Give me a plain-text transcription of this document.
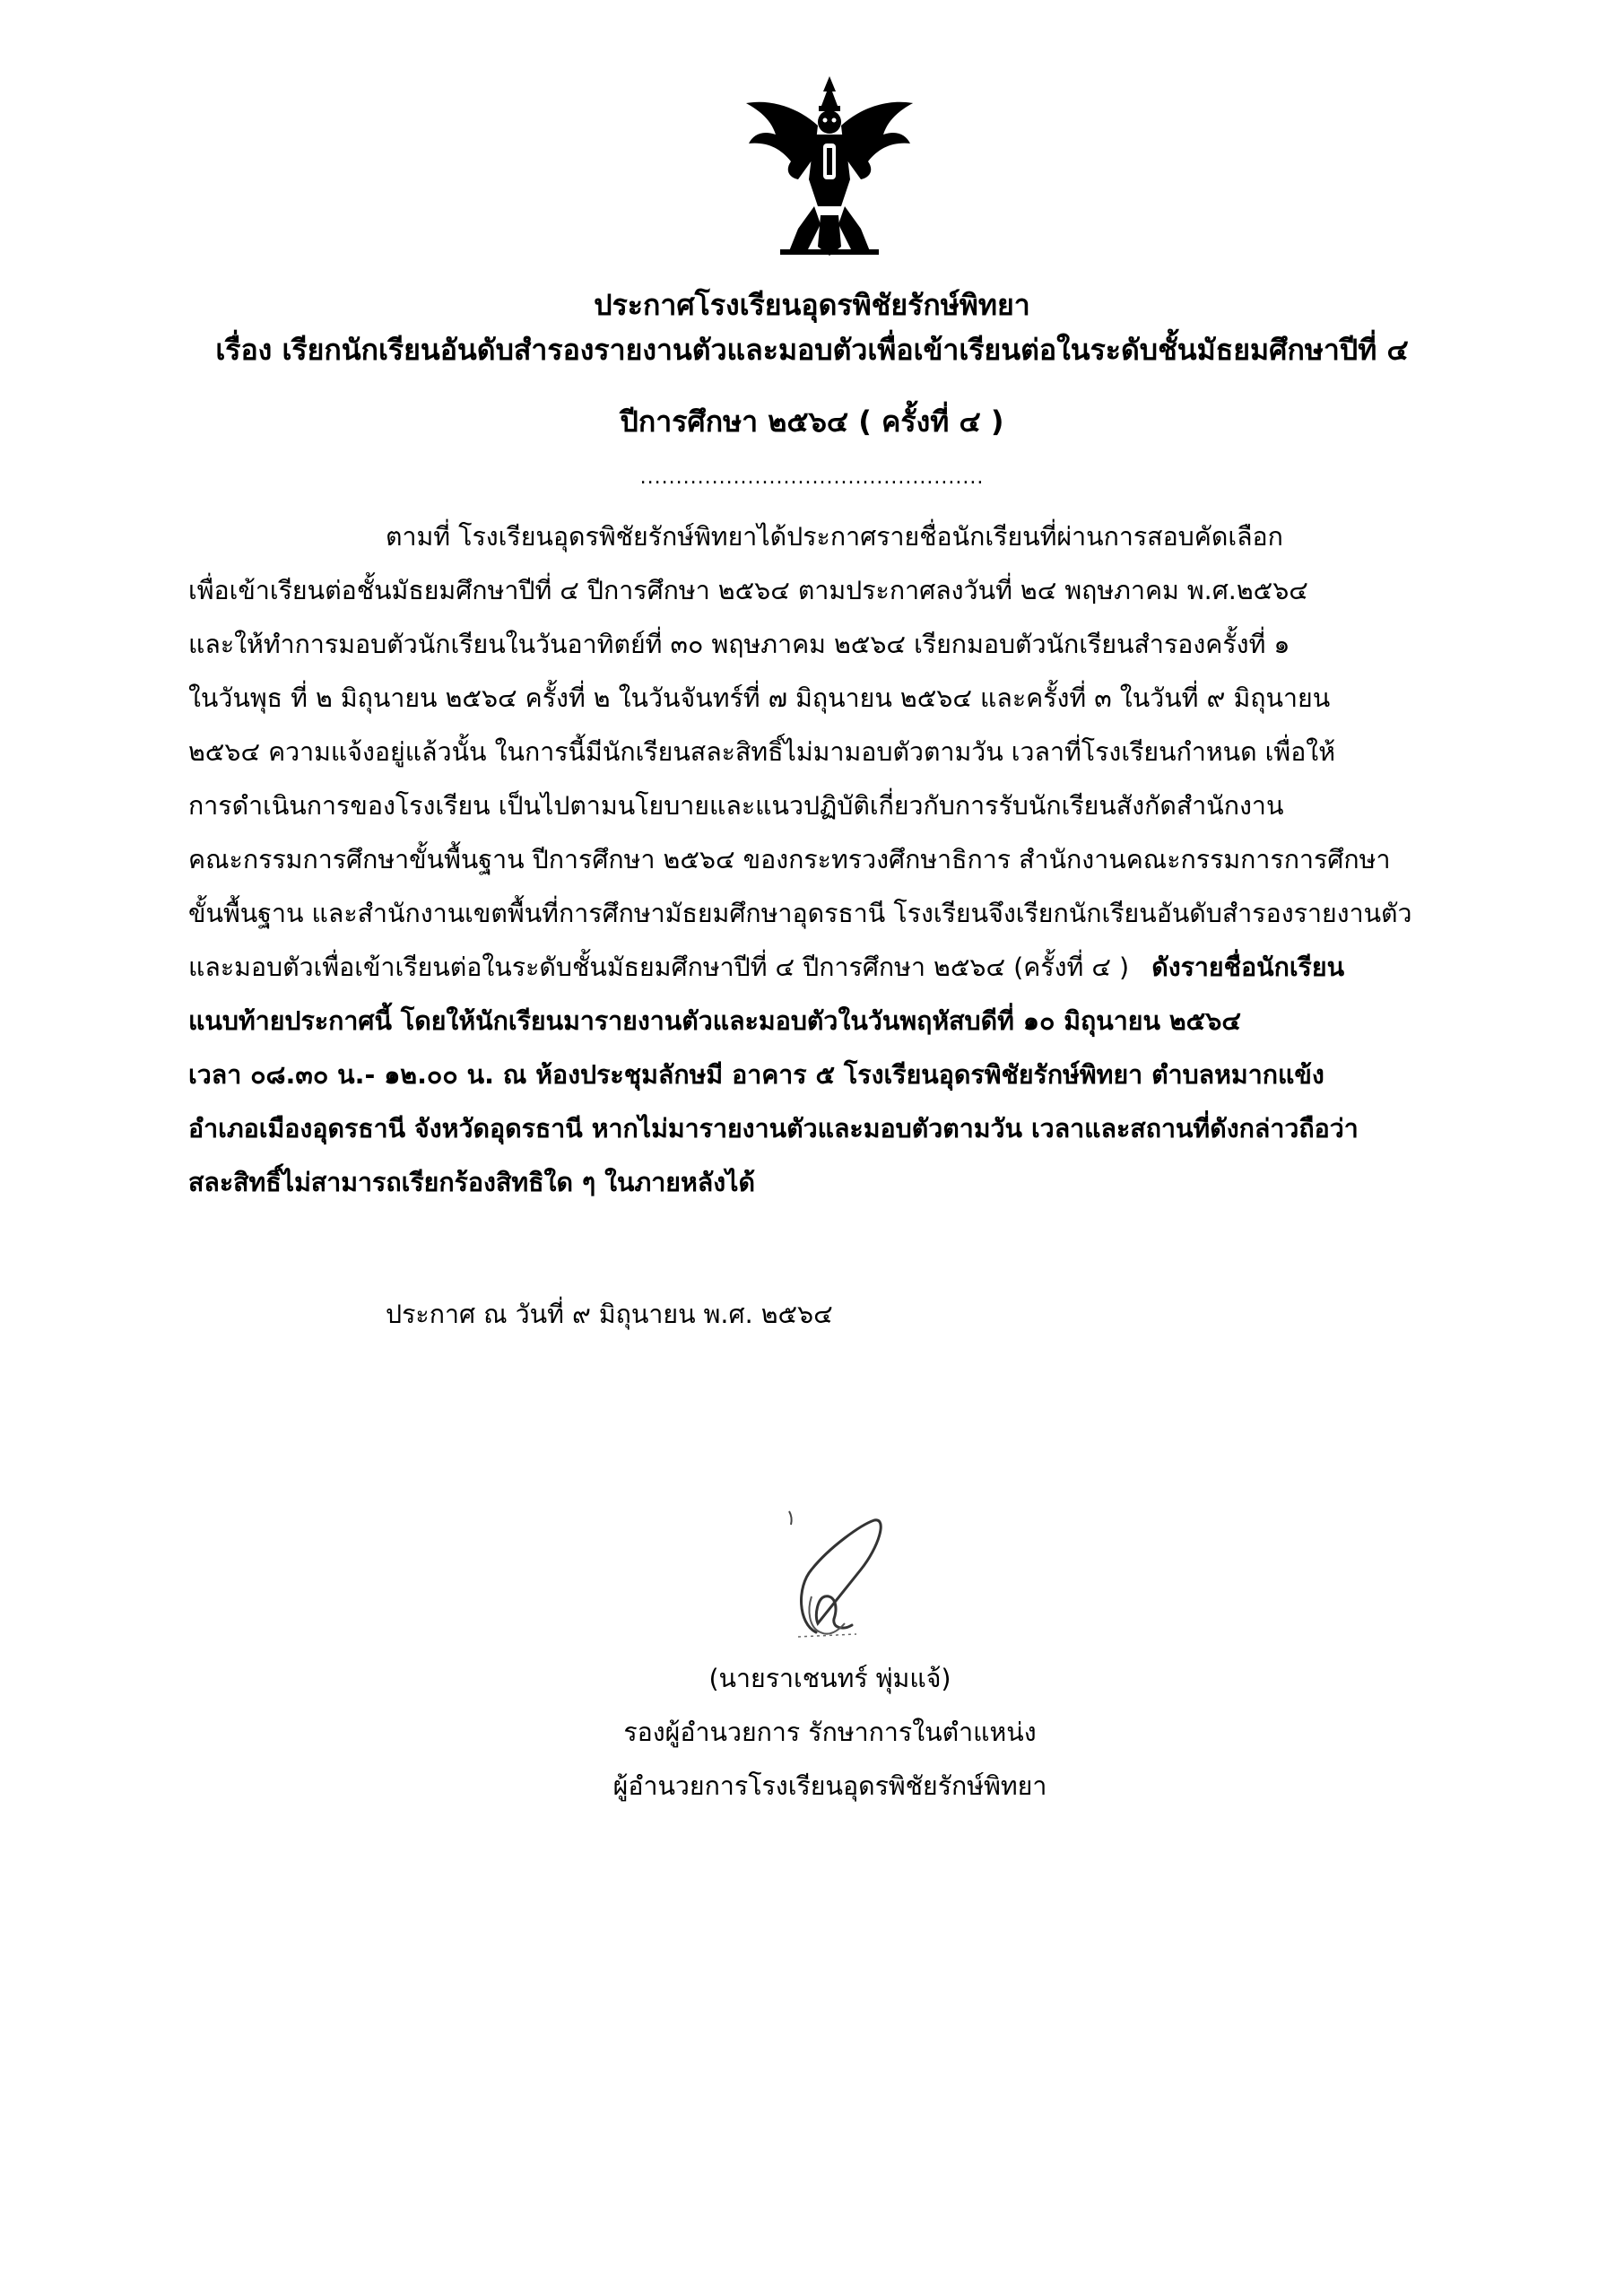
ประกาศโรงเรียนอุดรพิชัยรักษ์พิทยา
เรื่อง เรียกนักเรียนอันดับสำรองรายงานตัวและมอบตัวเพื่อเข้าเรียนต่อในระดับชั้นมัธยมศึกษาปีที่ ๔
ปีการศึกษา ๒๕๖๔ ( ครั้งที่ ๔ )
................................................
ตามที่ โรงเรียนอุดรพิชัยรักษ์พิทยาได้ประกาศรายชื่อนักเรียนที่ผ่านการสอบคัดเลือก
เพื่อเข้าเรียนต่อชั้นมัธยมศึกษาปีที่ ๔ ปีการศึกษา ๒๕๖๔ ตามประกาศลงวันที่ ๒๔ พฤษภาคม พ.ศ.๒๕๖๔
และให้ทำการมอบตัวนักเรียนในวันอาทิตย์ที่ ๓๐ พฤษภาคม ๒๕๖๔ เรียกมอบตัวนักเรียนสำรองครั้งที่ ๑
ในวันพุธ ที่ ๒ มิถุนายน ๒๕๖๔ ครั้งที่ ๒ ในวันจันทร์ที่ ๗ มิถุนายน ๒๕๖๔ และครั้งที่ ๓ ในวันที่ ๙ มิถุนายน
๒๕๖๔ ความแจ้งอยู่แล้วนั้น ในการนี้มีนักเรียนสละสิทธิ์ไม่มามอบตัวตามวัน เวลาที่โรงเรียนกำหนด เพื่อให้
การดำเนินการของโรงเรียน เป็นไปตามนโยบายและแนวปฏิบัติเกี่ยวกับการรับนักเรียนสังกัดสำนักงาน
คณะกรรมการศึกษาขั้นพื้นฐาน ปีการศึกษา ๒๕๖๔ ของกระทรวงศึกษาธิการ สำนักงานคณะกรรมการการศึกษา
ขั้นพื้นฐาน และสำนักงานเขตพื้นที่การศึกษามัธยมศึกษาอุดรธานี โรงเรียนจึงเรียกนักเรียนอันดับสำรองรายงานตัว
และมอบตัวเพื่อเข้าเรียนต่อในระดับชั้นมัธยมศึกษาปีที่ ๔ ปีการศึกษา ๒๕๖๔ (ครั้งที่ ๔ ) ดังรายชื่อนักเรียน
แนบท้ายประกาศนี้ โดยให้นักเรียนมารายงานตัวและมอบตัวในวันพฤหัสบดีที่ ๑๐ มิถุนายน ๒๕๖๔
เวลา ๐๘.๓๐ น.- ๑๒.๐๐ น. ณ ห้องประชุมลักษมี อาคาร ๕ โรงเรียนอุดรพิชัยรักษ์พิทยา ตำบลหมากแข้ง
อำเภอเมืองอุดรธานี จังหวัดอุดรธานี หากไม่มารายงานตัวและมอบตัวตามวัน เวลาและสถานที่ดังกล่าวถือว่า
สละสิทธิ์ไม่สามารถเรียกร้องสิทธิใด ๆ ในภายหลังได้
ประกาศ ณ วันที่ ๙ มิถุนายน พ.ศ. ๒๕๖๔
(นายราเชนทร์ พุ่มแจ้)
รองผู้อำนวยการ รักษาการในตำแหน่ง
ผู้อำนวยการโรงเรียนอุดรพิชัยรักษ์พิทยา
